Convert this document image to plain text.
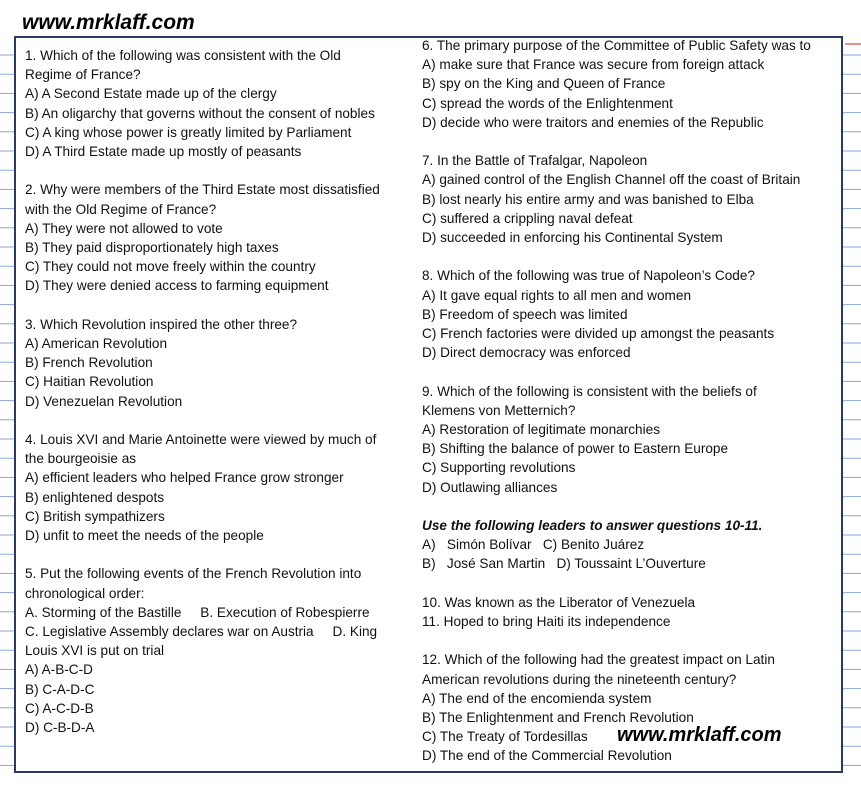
www.mrklaff.com
1. Which of the following was consistent with the Old
Regime of France?
A) A Second Estate made up of the clergy
B) An oligarchy that governs without the consent of nobles
C) A king whose power is greatly limited by Parliament
D) A Third Estate made up mostly of peasants
2. Why were members of the Third Estate most dissatisfied
with the Old Regime of France?
A) They were not allowed to vote
B) They paid disproportionately high taxes
C) They could not move freely within the country
D) They were denied access to farming equipment
3. Which Revolution inspired the other three?
A) American Revolution
B) French Revolution
C) Haitian Revolution
D) Venezuelan Revolution
4. Louis XVI and Marie Antoinette were viewed by much of
the bourgeoisie as
A) efficient leaders who helped France grow stronger
B) enlightened despots
C) British sympathizers
D) unfit to meet the needs of the people
5. Put the following events of the French Revolution into
chronological order:
A. Storming of the Bastille     B. Execution of Robespierre
C. Legislative Assembly declares war on Austria     D. King
Louis XVI is put on trial
A) A-B-C-D
B) C-A-D-C
C) A-C-D-B
D) C-B-D-A
6. The primary purpose of the Committee of Public Safety was to
A) make sure that France was secure from foreign attack
B) spy on the King and Queen of France
C) spread the words of the Enlightenment
D) decide who were traitors and enemies of the Republic
7. In the Battle of Trafalgar, Napoleon
A) gained control of the English Channel off the coast of Britain
B) lost nearly his entire army and was banished to Elba
C) suffered a crippling naval defeat
D) succeeded in enforcing his Continental System
8. Which of the following was true of Napoleon’s Code?
A) It gave equal rights to all men and women
B) Freedom of speech was limited
C) French factories were divided up amongst the peasants
D) Direct democracy was enforced
9. Which of the following is consistent with the beliefs of
Klemens von Metternich?
A) Restoration of legitimate monarchies
B) Shifting the balance of power to Eastern Europe
C) Supporting revolutions
D) Outlawing alliances
Use the following leaders to answer questions 10-11.
A)   Simón Bolívar   C) Benito Juárez
B)   José San Martin   D) Toussaint L’Ouverture
10. Was known as the Liberator of Venezuela
11. Hoped to bring Haiti its independence
12. Which of the following had the greatest impact on Latin
American revolutions during the nineteenth century?
A) The end of the encomienda system
B) The Enlightenment and French Revolution
C) The Treaty of Tordesillas
D) The end of the Commercial Revolution
www.mrklaff.com
